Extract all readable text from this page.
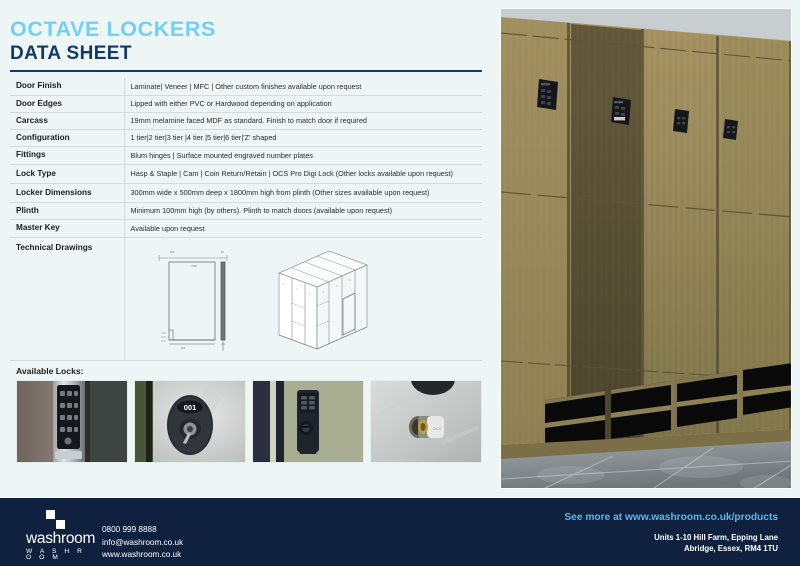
OCTAVE LOCKERS
DATA SHEET
Door Finish	Laminate| Veneer | MFC | Other custom finishes available upon request
Door Edges	Lipped with either PVC or Hardwood depending on application
Carcass	19mm melamine faced MDF as standard. Finish to match door if required
Configuration	1 tier|2 tier|3 tier |4 tier |5 tier|6 tier|'Z' shaped
Fittings	Blum hinges | Surface mounted engraved number plates
Lock Type	Hasp & Staple | Cam | Coin Return/Retain | OCS Pro Digi Lock (Other locks available upon request)
Locker Dimensions	300mm wide x 500mm deep x 1800mm high from plinth (Other sizes available upon request)
Plinth	Minimum 100mm high (by others). Plinth to match doors (available upon request)
Master Key	Available upon request
Technical Drawings	
500	19
1800
100
1
2
3
4
5
6
Available Locks:
001
OCS
washroom
W A S H R O O M
0800 999 8888
info@washroom.co.uk
www.washroom.co.uk
See more at www.washroom.co.uk/products
Units 1-10 Hill Farm, Epping Lane
Abridge, Essex, RM4 1TU
